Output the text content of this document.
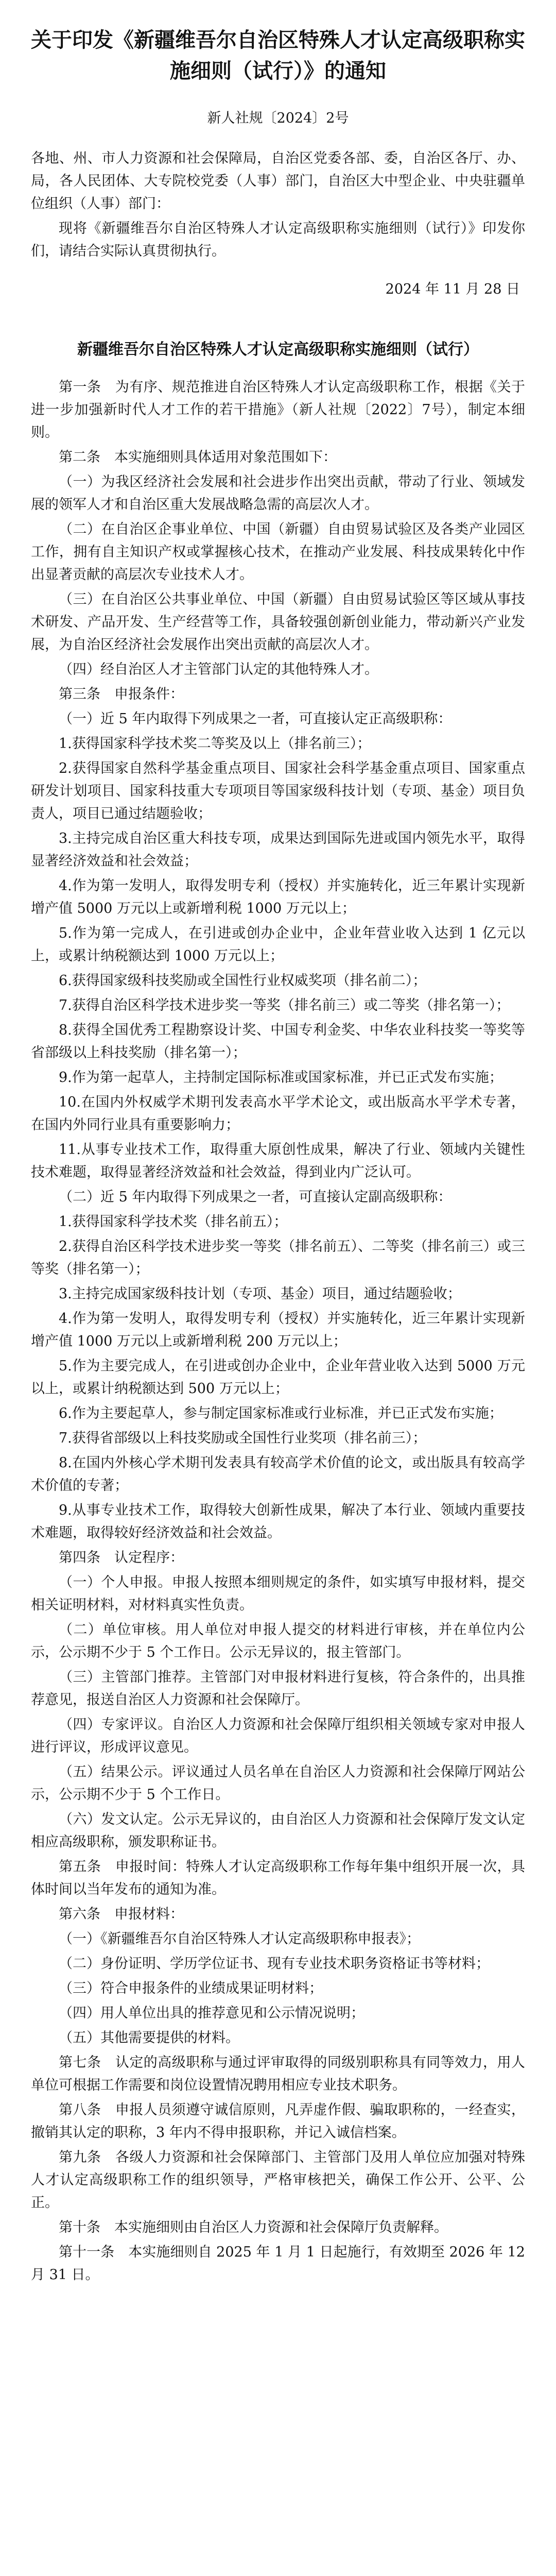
关于印发《新疆维吾尔自治区特殊人才认定高级职称实施细则（试行）》的通知
新人社规〔2024〕2号

各地、州、市人力资源和社会保障局，自治区党委各部、委，自治区各厅、办、局，各人民团体、大专院校党委（人事）部门，自治区大中型企业、中央驻疆单位组织（人事）部门：

现将《新疆维吾尔自治区特殊人才认定高级职称实施细则（试行）》印发你们，请结合实际认真贯彻执行。

2024 年 11 月 28 日
新疆维吾尔自治区特殊人才认定高级职称实施细则（试行）

第一条　为有序、规范推进自治区特殊人才认定高级职称工作，根据《关于进一步加强新时代人才工作的若干措施》（新人社规〔2022〕7号），制定本细则。

第二条　本实施细则具体适用对象范围如下：

（一）为我区经济社会发展和社会进步作出突出贡献，带动了行业、领域发展的领军人才和自治区重大发展战略急需的高层次人才。

（二）在自治区企事业单位、中国（新疆）自由贸易试验区及各类产业园区工作，拥有自主知识产权或掌握核心技术，在推动产业发展、科技成果转化中作出显著贡献的高层次专业技术人才。

（三）在自治区公共事业单位、中国（新疆）自由贸易试验区等区域从事技术研发、产品开发、生产经营等工作，具备较强创新创业能力，带动新兴产业发展，为自治区经济社会发展作出突出贡献的高层次人才。

（四）经自治区人才主管部门认定的其他特殊人才。

第三条　申报条件：

（一）近 5 年内取得下列成果之一者，可直接认定正高级职称：

1.获得国家科学技术奖二等奖及以上（排名前三）；

2.获得国家自然科学基金重点项目、国家社会科学基金重点项目、国家重点研发计划项目、国家科技重大专项项目等国家级科技计划（专项、基金）项目负责人，项目已通过结题验收；

3.主持完成自治区重大科技专项，成果达到国际先进或国内领先水平，取得显著经济效益和社会效益；

4.作为第一发明人，取得发明专利（授权）并实施转化，近三年累计实现新增产值 5000 万元以上或新增利税 1000 万元以上；

5.作为第一完成人，在引进或创办企业中，企业年营业收入达到 1 亿元以上，或累计纳税额达到 1000 万元以上；

6.获得国家级科技奖励或全国性行业权威奖项（排名前二）；

7.获得自治区科学技术进步奖一等奖（排名前三）或二等奖（排名第一）；

8.获得全国优秀工程勘察设计奖、中国专利金奖、中华农业科技奖一等奖等省部级以上科技奖励（排名第一）；

9.作为第一起草人，主持制定国际标准或国家标准，并已正式发布实施；

10.在国内外权威学术期刊发表高水平学术论文，或出版高水平学术专著，在国内外同行业具有重要影响力；

11.从事专业技术工作，取得重大原创性成果，解决了行业、领域内关键性技术难题，取得显著经济效益和社会效益，得到业内广泛认可。

（二）近 5 年内取得下列成果之一者，可直接认定副高级职称：

1.获得国家科学技术奖（排名前五）；

2.获得自治区科学技术进步奖一等奖（排名前五）、二等奖（排名前三）或三等奖（排名第一）；

3.主持完成国家级科技计划（专项、基金）项目，通过结题验收；

4.作为第一发明人，取得发明专利（授权）并实施转化，近三年累计实现新增产值 1000 万元以上或新增利税 200 万元以上；

5.作为主要完成人，在引进或创办企业中，企业年营业收入达到 5000 万元以上，或累计纳税额达到 500 万元以上；

6.作为主要起草人，参与制定国家标准或行业标准，并已正式发布实施；

7.获得省部级以上科技奖励或全国性行业奖项（排名前三）；

8.在国内外核心学术期刊发表具有较高学术价值的论文，或出版具有较高学术价值的专著；

9.从事专业技术工作，取得较大创新性成果，解决了本行业、领域内重要技术难题，取得较好经济效益和社会效益。

第四条　认定程序：

（一）个人申报。申报人按照本细则规定的条件，如实填写申报材料，提交相关证明材料，对材料真实性负责。

（二）单位审核。用人单位对申报人提交的材料进行审核，并在单位内公示，公示期不少于 5 个工作日。公示无异议的，报主管部门。

（三）主管部门推荐。主管部门对申报材料进行复核，符合条件的，出具推荐意见，报送自治区人力资源和社会保障厅。

（四）专家评议。自治区人力资源和社会保障厅组织相关领域专家对申报人进行评议，形成评议意见。

（五）结果公示。评议通过人员名单在自治区人力资源和社会保障厅网站公示，公示期不少于 5 个工作日。

（六）发文认定。公示无异议的，由自治区人力资源和社会保障厅发文认定相应高级职称，颁发职称证书。

第五条　申报时间：特殊人才认定高级职称工作每年集中组织开展一次，具体时间以当年发布的通知为准。

第六条　申报材料：

（一）《新疆维吾尔自治区特殊人才认定高级职称申报表》；

（二）身份证明、学历学位证书、现有专业技术职务资格证书等材料；

（三）符合申报条件的业绩成果证明材料；

（四）用人单位出具的推荐意见和公示情况说明；

（五）其他需要提供的材料。

第七条　认定的高级职称与通过评审取得的同级别职称具有同等效力，用人单位可根据工作需要和岗位设置情况聘用相应专业技术职务。

第八条　申报人员须遵守诚信原则，凡弄虚作假、骗取职称的，一经查实，撤销其认定的职称，3 年内不得申报职称，并记入诚信档案。

第九条　各级人力资源和社会保障部门、主管部门及用人单位应加强对特殊人才认定高级职称工作的组织领导，严格审核把关，确保工作公开、公平、公正。

第十条　本实施细则由自治区人力资源和社会保障厅负责解释。

第十一条　本实施细则自 2025 年 1 月 1 日起施行，有效期至 2026 年 12 月 31 日。
